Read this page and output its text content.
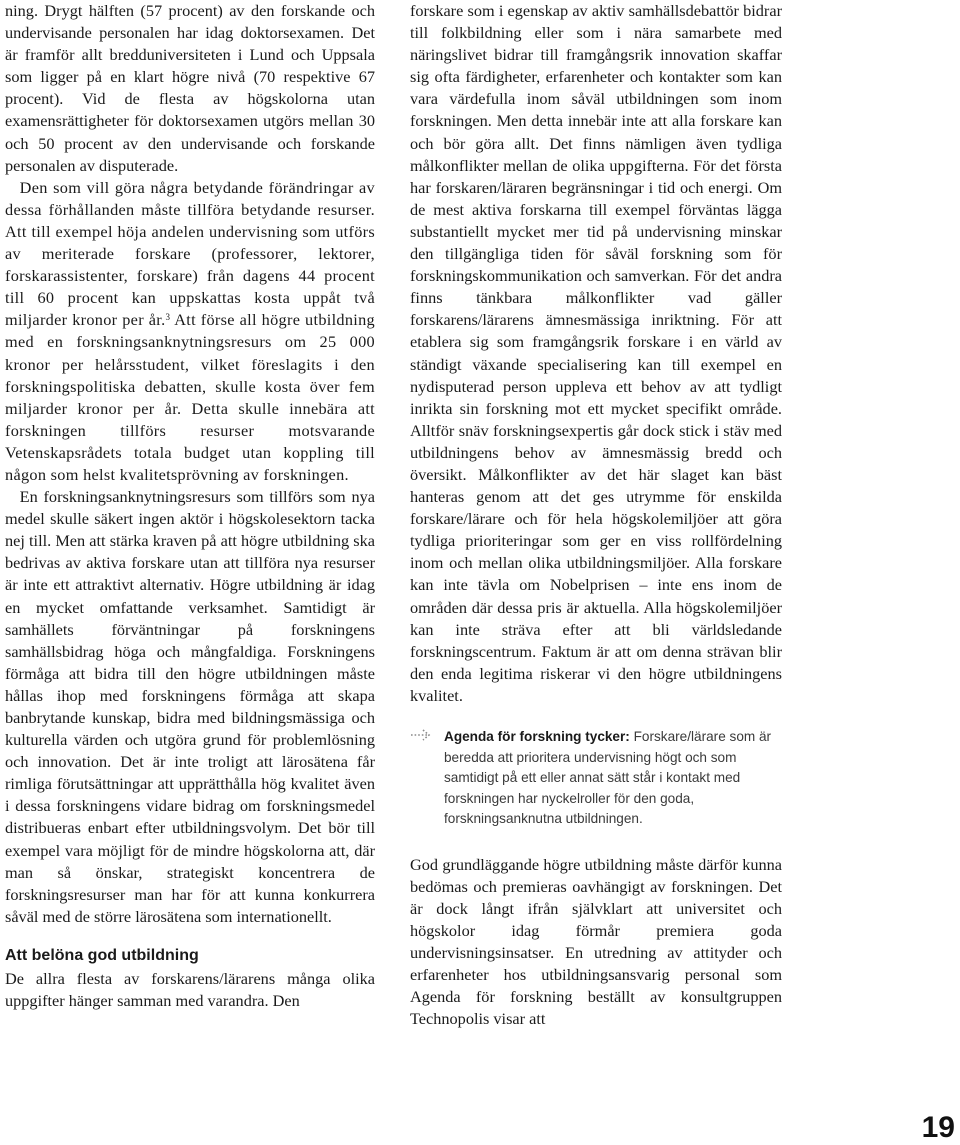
ning. Drygt hälften (57 procent) av den forskande och undervisande personalen har idag doktorsexamen. Det är framför allt bredduniversiteten i Lund och Uppsala som ligger på en klart högre nivå (70 respektive 67 procent). Vid de flesta av högskolorna utan examensrättigheter för doktorsexamen utgörs mellan 30 och 50 procent av den undervisande och forskande personalen av disputerade.

Den som vill göra några betydande förändringar av dessa förhållanden måste tillföra betydande resurser. Att till exempel höja andelen undervisning som utförs av meriterade forskare (professorer, lektorer, forskarassistenter, forskare) från dagens 44 procent till 60 procent kan uppskattas kosta uppåt två miljarder kronor per år.$^3$ Att förse all högre utbildning med en forskningsanknytningsresurs om 25 000 kronor per helårsstudent, vilket föreslagits i den forskningspolitiska debatten, skulle kosta över fem miljarder kronor per år. Detta skulle innebära att forskningen tillförs resurser motsvarande Vetenskapsrådets totala budget utan koppling till någon som helst kvalitetsprövning av forskningen.

En forskningsanknytningsresurs som tillförs som nya medel skulle säkert ingen aktör i högskolesektorn tacka nej till. Men att stärka kraven på att högre utbildning ska bedrivas av aktiva forskare utan att tillföra nya resurser är inte ett attraktivt alternativ. Högre utbildning är idag en mycket omfattande verksamhet. Samtidigt är samhällets förväntningar på forskningens samhällsbidrag höga och mångfaldiga. Forskningens förmåga att bidra till den högre utbildningen måste hållas ihop med forskningens förmåga att skapa banbrytande kunskap, bidra med bildningsmässiga och kulturella värden och utgöra grund för problemlösning och innovation. Det är inte troligt att lärosätena får rimliga förutsättningar att upprätthålla hög kvalitet även i dessa forskningens vidare bidrag om forskningsmedel distribueras enbart efter utbildningsvolym. Det bör till exempel vara möjligt för de mindre högskolorna att, där man så önskar, strategiskt koncentrera de forskningsresurser man har för att kunna konkurrera såväl med de större lärosätena som internationellt.

Att belöna god utbildning

De allra flesta av forskarens/lärarens många olika uppgifter hänger samman med varandra. Den

forskare som i egenskap av aktiv samhällsdebattör bidrar till folkbildning eller som i nära samarbete med näringslivet bidrar till framgångsrik innovation skaffar sig ofta färdigheter, erfarenheter och kontakter som kan vara värdefulla inom såväl utbildningen som inom forskningen. Men detta innebär inte att alla forskare kan och bör göra allt. Det finns nämligen även tydliga målkonflikter mellan de olika uppgifterna. För det första har forskaren/läraren begränsningar i tid och energi. Om de mest aktiva forskarna till exempel förväntas lägga substantiellt mycket mer tid på undervisning minskar den tillgängliga tiden för såväl forskning som för forskningskommunikation och samverkan. För det andra finns tänkbara målkonflikter vad gäller forskarens/lärarens ämnesmässiga inriktning. För att etablera sig som framgångsrik forskare i en värld av ständigt växande specialisering kan till exempel en nydisputerad person uppleva ett behov av att tydligt inrikta sin forskning mot ett mycket specifikt område. Alltför snäv forskningsexpertis går dock stick i stäv med utbildningens behov av ämnesmässig bredd och översikt. Målkonflikter av det här slaget kan bäst hanteras genom att det ges utrymme för enskilda forskare/lärare och för hela högskolemiljöer att göra tydliga prioriteringar som ger en viss rollfördelning inom och mellan olika utbildningsmiljöer. Alla forskare kan inte tävla om Nobelprisen – inte ens inom de områden där dessa pris är aktuella. Alla högskolemiljöer kan inte sträva efter att bli världsledande forskningscentrum. Faktum är att om denna strävan blir den enda legitima riskerar vi den högre utbildningens kvalitet.

Agenda för forskning tycker: Forskare/lärare som är beredda att prioritera undervisning högt och som samtidigt på ett eller annat sätt står i kontakt med forskningen har nyckelroller för den goda, forskningsanknutna utbildningen.

God grundläggande högre utbildning måste därför kunna bedömas och premieras oavhängigt av forskningen. Det är dock långt ifrån självklart att universitet och högskolor idag förmår premiera goda undervisningsinsatser. En utredning av attityder och erfarenheter hos utbildningsansvarig personal som Agenda för forskning beställt av konsultgruppen Technopolis visar att

19
